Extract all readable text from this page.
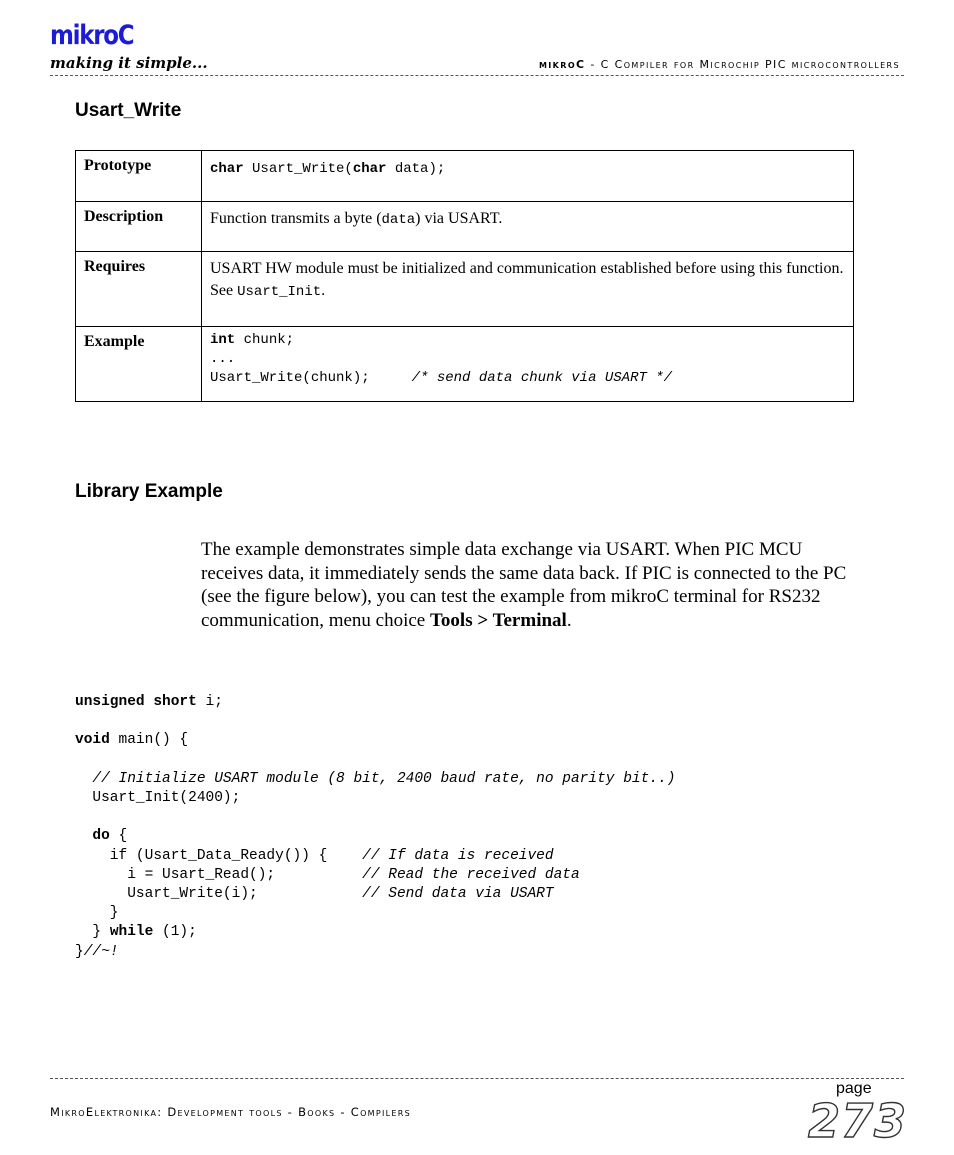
mikroC
making it simple...	mikroC - C Compiler for Microchip PIC microcontrollers
Usart_Write
Prototype	char Usart_Write(char data);
Description	Function transmits a byte (data) via USART.
Requires	USART HW module must be initialized and communication established before using this function. See Usart_Init.
Example	int chunk;
...
Usart_Write(chunk);     /* send data chunk via USART */
Library Example
The example demonstrates simple data exchange via USART. When PIC MCU receives data, it immediately sends the same data back. If PIC is connected to the PC (see the figure below), you can test the example from mikroC terminal for RS232 communication, menu choice Tools > Terminal.
unsigned short i;

void main() {

// Initialize USART module (8 bit, 2400 baud rate, no parity bit..)
Usart_Init(2400);

do {
if (Usart_Data_Ready()) {    // If data is received
i = Usart_Read();          // Read the received data
Usart_Write(i);            // Send data via USART
}
} while (1);
}//~!
page
MikroElektronika: Development tools - Books - Compilers	273
